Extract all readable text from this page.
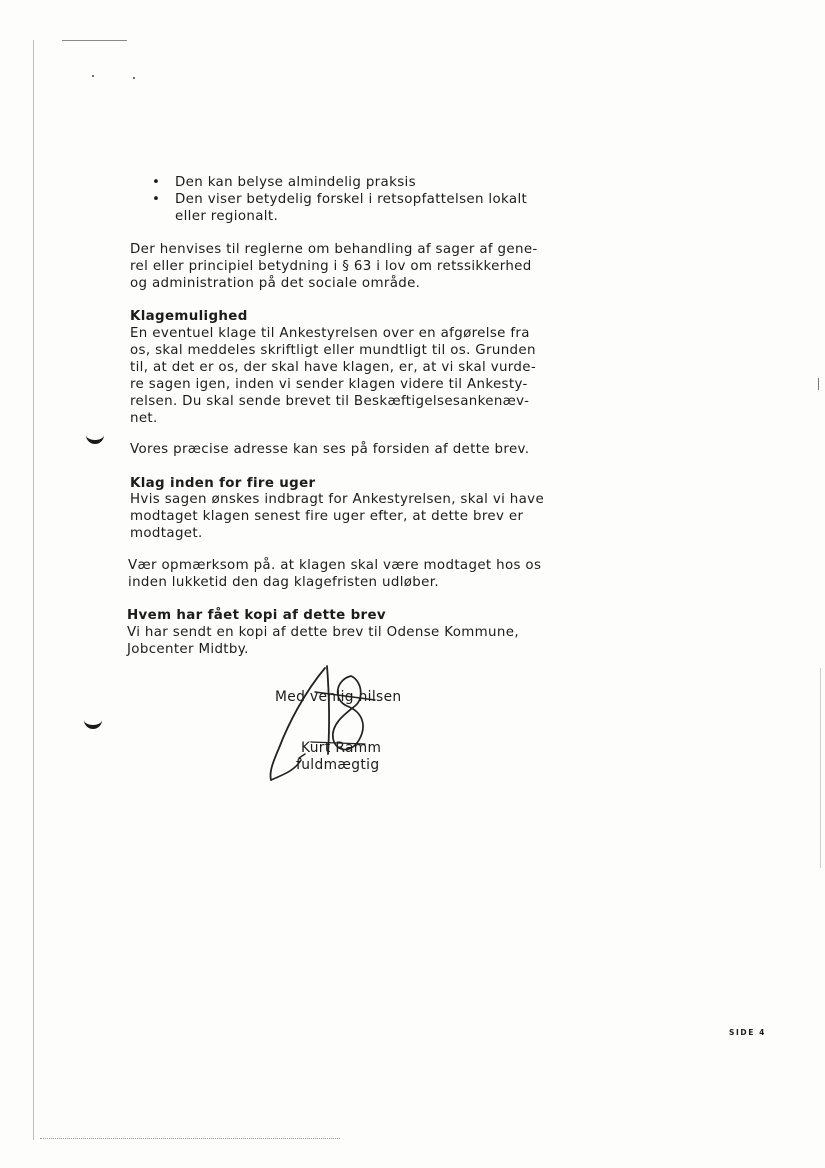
• Den kan belyse almindelig praksis
• Den viser betydelig forskel i retsopfattelsen lokalt
eller regionalt.

Der henvises til reglerne om behandling af sager af gene-

rel eller principiel betydning i § 63 i lov om retssikkerhed

og administration på det sociale område.

Klagemulighed

En eventuel klage til Ankestyrelsen over en afgørelse fra

os, skal meddeles skriftligt eller mundtligt til os. Grunden

til, at det er os, der skal have klagen, er, at vi skal vurde-

re sagen igen, inden vi sender klagen videre til Ankesty-

relsen. Du skal sende brevet til Beskæftigelsesankenæv-

net.

Vores præcise adresse kan ses på forsiden af dette brev.

Klag inden for fire uger

Hvis sagen ønskes indbragt for Ankestyrelsen, skal vi have

modtaget klagen senest fire uger efter, at dette brev er

modtaget.

Vær opmærksom på. at klagen skal være modtaget hos os

inden lukketid den dag klagefristen udløber.

Hvem har fået kopi af dette brev

Vi har sendt en kopi af dette brev til Odense Kommune,

Jobcenter Midtby.

Med venlig hilsen

Kurt Ramm

fuldmægtig

SIDE 4
